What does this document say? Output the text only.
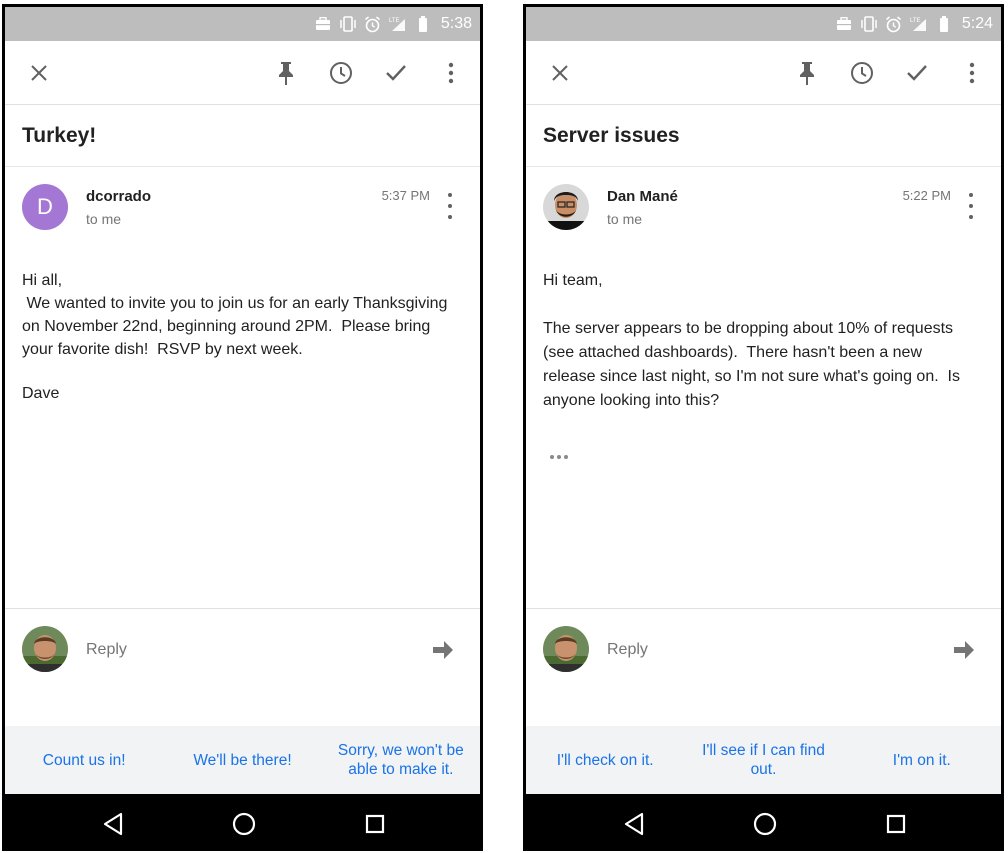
LTE	5:38
Turkey!
D dcorrado
to me
5:37 PM

Hi all,

We wanted to invite you to join us for an early Thanksgiving on November 22nd, beginning around 2PM.  Please bring your favorite dish!  RSVP by next week.

Dave

Reply
Count us in!	We'll be there!
Sorry, we won't be able to make it.
LTE	5:24
Server issues
Dan Mané
to me
5:22 PM

Hi team,

The server appears to be dropping about 10% of requests (see attached dashboards).  There hasn't been a new release since last night, so I'm not sure what's going on.  Is anyone looking into this?

Reply
I'll check on it.
I'll see if I can find out.
I'm on it.
